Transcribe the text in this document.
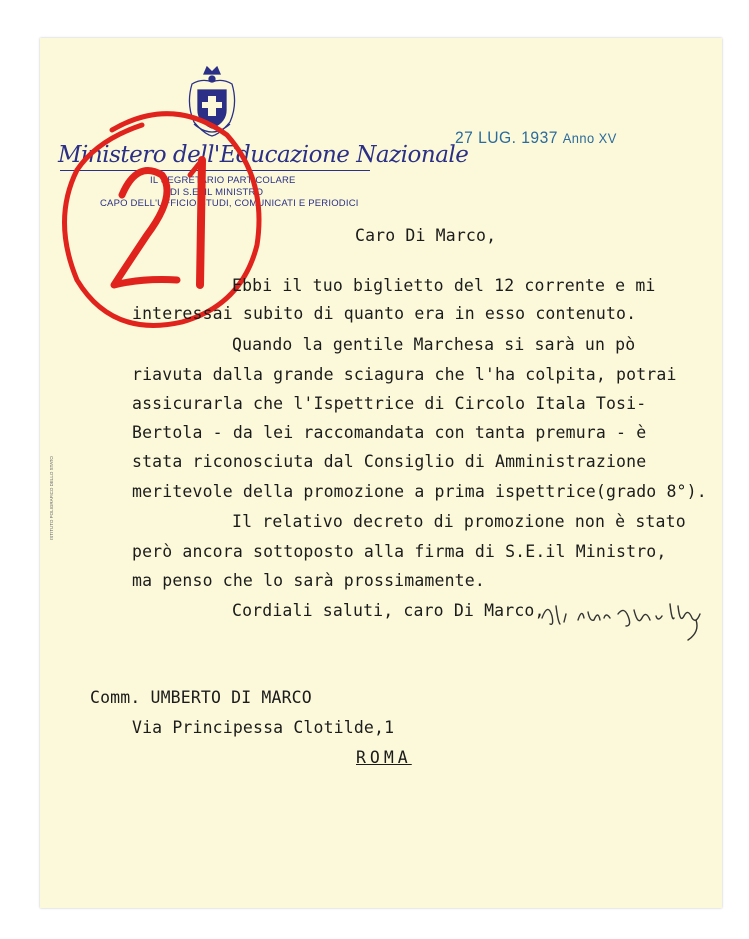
Ministero dell'Educazione Nazionale
IL SEGRETARIO PARTICOLARE
DI S.E. IL MINISTRO
CAPO DELL'UFFICIO STUDI, COMUNICATI E PERIODICI
27 LUG. 1937 Anno XV
ISTITUTO POLIGRAFICO DELLO STATO
Caro Di Marco,
Ebbi il tuo biglietto del 12 corrente e mi
interessai subito di quanto era in esso contenuto.
Quando la gentile Marchesa si sarà un pò
riavuta dalla grande sciagura che l'ha colpita, potrai
assicurarla che l'Ispettrice di Circolo Itala Tosi-
Bertola - da lei raccomandata con tanta premura - è
stata riconosciuta dal Consiglio di Amministrazione
meritevole della promozione a prima ispettrice(grado 8°).
Il relativo decreto di promozione non è stato
però ancora sottoposto alla firma di S.E.il Ministro,
ma penso che lo sarà prossimamente.
Cordiali saluti, caro Di Marco,
Comm. UMBERTO DI MARCO
Via Principessa Clotilde,1
ROMA
